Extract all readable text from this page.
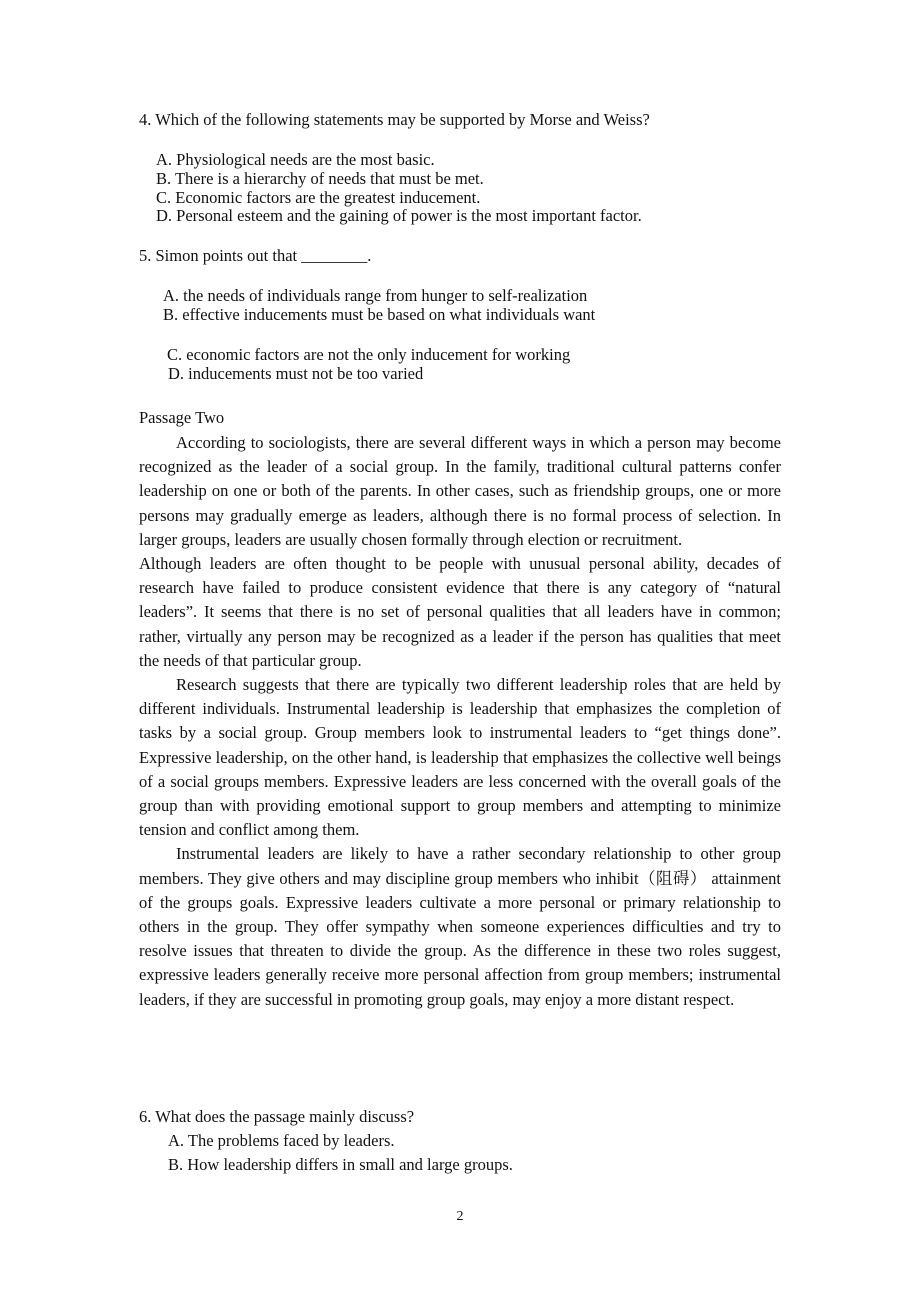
4. Which of the following statements may be supported by Morse and Weiss?
A. Physiological needs are the most basic.
B. There is a hierarchy of needs that must be met.
C. Economic factors are the greatest inducement.
D. Personal esteem and the gaining of power is the most important factor.
5. Simon points out that ________.
A. the needs of individuals range from hunger to self-realization
B. effective inducements must be based on what individuals want
C. economic factors are not the only inducement for working
D. inducements must not be too varied
Passage Two

According to sociologists, there are several different ways in which a person may become recognized as the leader of a social group. In the family, traditional cultural patterns confer leadership on one or both of the parents. In other cases, such as friendship groups, one or more persons may gradually emerge as leaders, although there is no formal process of selection. In larger groups, leaders are usually chosen formally through election or recruitment.

Although leaders are often thought to be people with unusual personal ability, decades of research have failed to produce consistent evidence that there is any category of “natural leaders”. It seems that there is no set of personal qualities that all leaders have in common; rather, virtually any person may be recognized as a leader if the person has qualities that meet the needs of that particular group.

Research suggests that there are typically two different leadership roles that are held by different individuals. Instrumental leadership is leadership that emphasizes the completion of tasks by a social group. Group members look to instrumental leaders to “get things done”. Expressive leadership, on the other hand, is leadership that emphasizes the collective well beings of a social groups members. Expressive leaders are less concerned with the overall goals of the group than with providing emotional support to group members and attempting to minimize tension and conflict among them.

Instrumental leaders are likely to have a rather secondary relationship to other group members. They give others and may discipline group members who inhibit（阻碍） attainment of the groups goals. Expressive leaders cultivate a more personal or primary relationship to others in the group. They offer sympathy when someone experiences difficulties and try to resolve issues that threaten to divide the group. As the difference in these two roles suggest, expressive leaders generally receive more personal affection from group members; instrumental leaders, if they are successful in promoting group goals, may enjoy a more distant respect.

6. What does the passage mainly discuss?
A. The problems faced by leaders.
B. How leadership differs in small and large groups.
2
